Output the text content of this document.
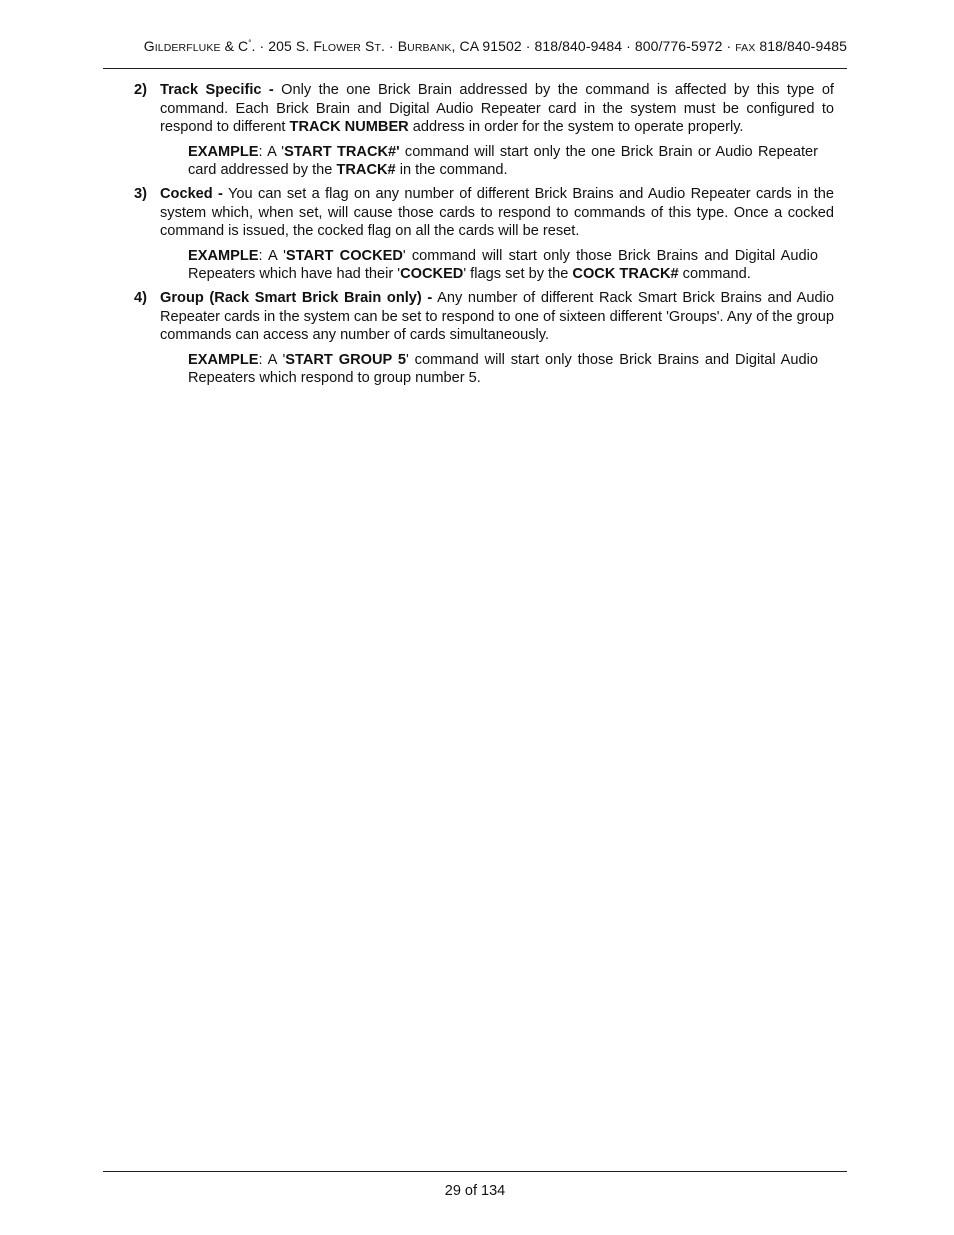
GILDERFLUKE & C°. · 205 S. FLOWER ST. · BURBANK, CA 91502 · 818/840-9484 · 800/776-5972 · FAX 818/840-9485
2) Track Specific - Only the one Brick Brain addressed by the command is affected by this type of command. Each Brick Brain and Digital Audio Repeater card in the system must be configured to respond to different TRACK NUMBER address in order for the system to operate properly.

EXAMPLE: A 'START TRACK#' command will start only the one Brick Brain or Audio Repeater card addressed by the TRACK# in the command.

3) Cocked - You can set a flag on any number of different Brick Brains and Audio Repeater cards in the system which, when set, will cause those cards to respond to commands of this type. Once a cocked command is issued, the cocked flag on all the cards will be reset.

EXAMPLE: A 'START COCKED' command will start only those Brick Brains and Digital Audio Repeaters which have had their 'COCKED' flags set by the COCK TRACK# command.

4) Group (Rack Smart Brick Brain only) - Any number of different Rack Smart Brick Brains and Audio Repeater cards in the system can be set to respond to one of sixteen different 'Groups'. Any of the group commands can access any number of cards simultaneously.

EXAMPLE: A 'START GROUP 5' command will start only those Brick Brains and Digital Audio Repeaters which respond to group number 5.

29 of 134
